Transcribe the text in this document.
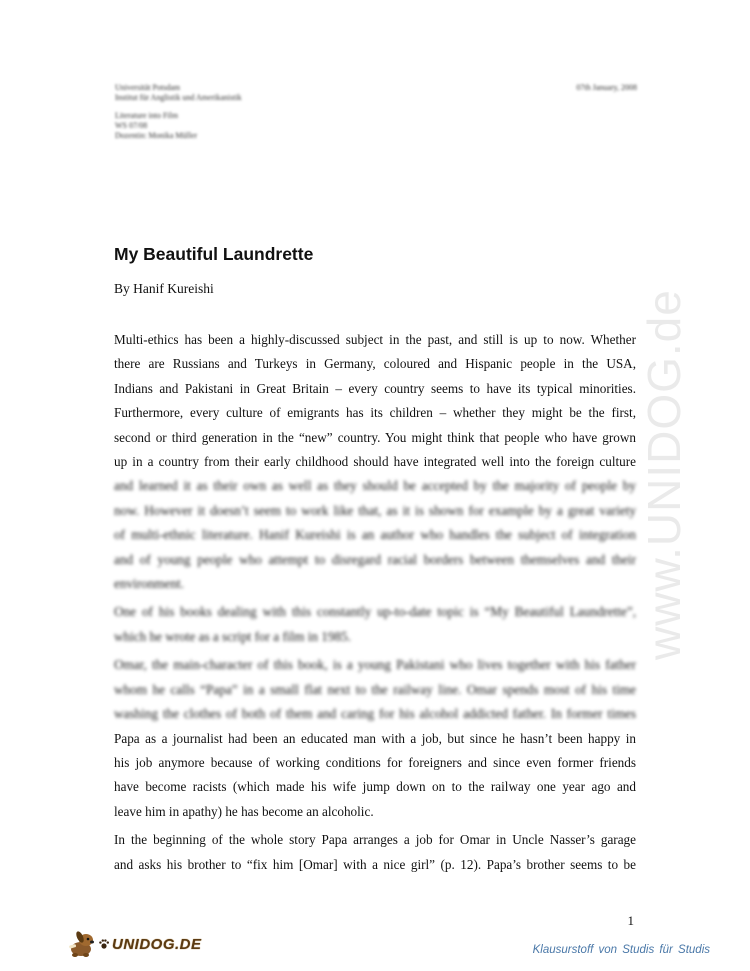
Universität Potsdam
Institut für Anglistik und Amerikanistik
Literature into Film
WS 07/08
Dozentin: Monika Müller
07th January, 2008
My Beautiful Laundrette
By Hanif Kureishi

Multi-ethics has been a highly-discussed subject in the past, and still is up to now. Whether
there are Russians and Turkeys in Germany, coloured and Hispanic people in the USA,
Indians and Pakistani in Great Britain – every country seems to have its typical minorities.
Furthermore, every culture of emigrants has its children – whether they might be the first,
second or third generation in the “new” country. You might think that people who have grown
up in a country from their early childhood should have integrated well into the foreign culture
and learned it as their own as well as they should be accepted by the majority of people by
now. However it doesn’t seem to work like that, as it is shown for example by a great variety
of multi-ethnic literature. Hanif Kureishi is an author who handles the subject of integration
and of young people who attempt to disregard racial borders between themselves and their
environment.

One of his books dealing with this constantly up-to-date topic is “My Beautiful Laundrette”,
which he wrote as a script for a film in 1985.

Omar, the main-character of this book, is a young Pakistani who lives together with his father
whom he calls “Papa” in a small flat next to the railway line. Omar spends most of his time
washing the clothes of both of them and caring for his alcohol addicted father. In former times
Papa as a journalist had been an educated man with a job, but since he hasn’t been happy in
his job anymore because of working conditions for foreigners and since even former friends
have become racists (which made his wife jump down on to the railway one year ago and
leave him in apathy) he has become an alcoholic.

In the beginning of the whole story Papa arranges a job for Omar in Uncle Nasser’s garage
and asks his brother to “fix him [Omar] with a nice girl” (p. 12). Papa’s brother seems to be

www.UNIDOG.de
1
UNIDOG.DE	Klausurstoff von Studis für Studis
